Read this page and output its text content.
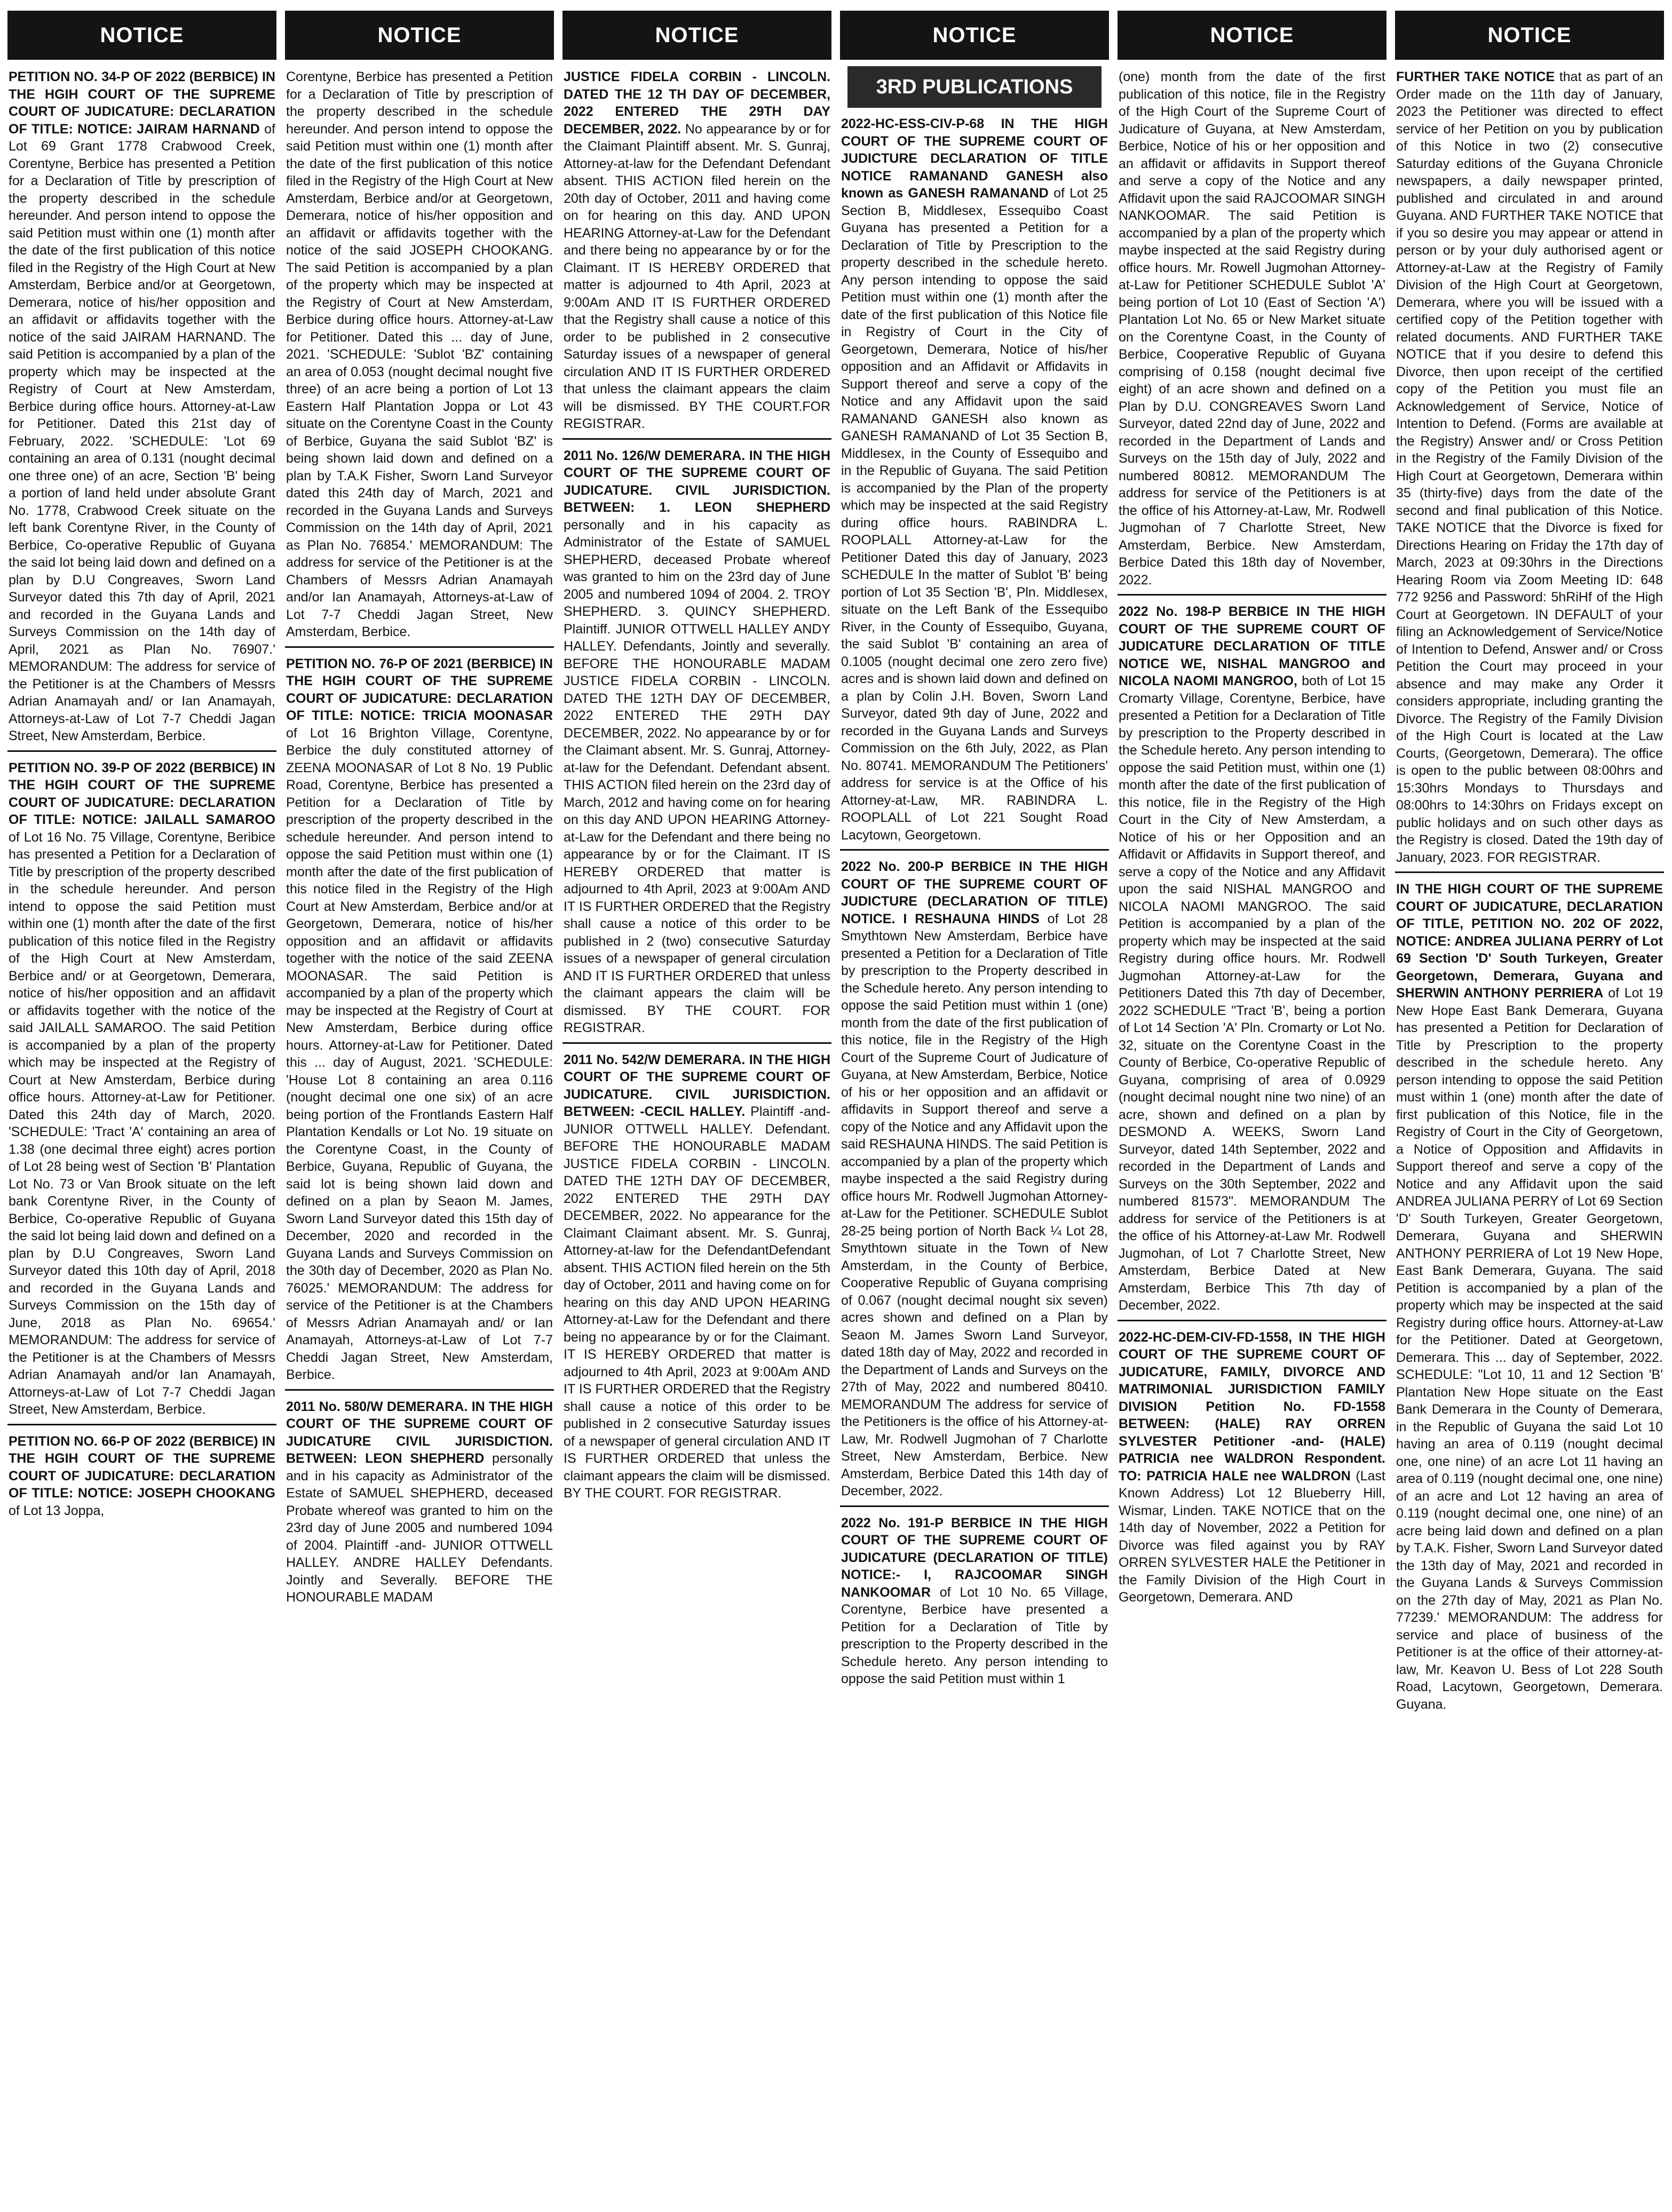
NOTICE
PETITION NO. 34-P OF 2022 (BERBICE) IN THE HGIH COURT OF THE SUPREME COURT OF JUDICATURE: DECLARATION OF TITLE: NOTICE: JAIRAM HARNAND of Lot 69 Grant 1778 Crabwood Creek, Corentyne, Berbice has presented a Petition for a Declaration of Title by prescription of the property described in the schedule hereunder. And person intend to oppose the said Petition must within one (1) month after the date of the first publication of this notice filed in the Registry of the High Court at New Amsterdam, Berbice and/or at Georgetown, Demerara, notice of his/her opposition and an affidavit or affidavits together with the notice of the said JAIRAM HARNAND. The said Petition is accompanied by a plan of the property which may be inspected at the Registry of Court at New Amsterdam, Berbice during office hours. Attorney-at-Law for Petitioner. Dated this 21st day of February, 2022. 'SCHEDULE: 'Lot 69 containing an area of 0.131 (nought decimal one three one) of an acre, Section 'B' being a portion of land held under absolute Grant No. 1778, Crabwood Creek situate on the left bank Corentyne River, in the County of Berbice, Co-operative Republic of Guyana the said lot being laid down and defined on a plan by D.U Congreaves, Sworn Land Surveyor dated this 7th day of April, 2021 and recorded in the Guyana Lands and Surveys Commission on the 14th day of April, 2021 as Plan No. 76907.' MEMORANDUM: The address for service of the Petitioner is at the Chambers of Messrs Adrian Anamayah and/ or Ian Anamayah, Attorneys-at-Law of Lot 7-7 Cheddi Jagan Street, New Amsterdam, Berbice.
PETITION NO. 39-P OF 2022 (BERBICE) IN THE HGIH COURT OF THE SUPREME COURT OF JUDICATURE: DECLARATION OF TITLE: NOTICE: JAILALL SAMAROO of Lot 16 No. 75 Village, Corentyne, Beribice has presented a Petition for a Declaration of Title by prescription of the property described in the schedule hereunder. And person intend to oppose the said Petition must within one (1) month after the date of the first publication of this notice filed in the Registry of the High Court at New Amsterdam, Berbice and/ or at Georgetown, Demerara, notice of his/her opposition and an affidavit or affidavits together with the notice of the said JAILALL SAMAROO. The said Petition is accompanied by a plan of the property which may be inspected at the Registry of Court at New Amsterdam, Berbice during office hours. Attorney-at-Law for Petitioner. Dated this 24th day of March, 2020. 'SCHEDULE: 'Tract 'A' containing an area of 1.38 (one decimal three eight) acres portion of Lot 28 being west of Section 'B' Plantation Lot No. 73 or Van Brook situate on the left bank Corentyne River, in the County of Berbice, Co-operative Republic of Guyana the said lot being laid down and defined on a plan by D.U Congreaves, Sworn Land Surveyor dated this 10th day of April, 2018 and recorded in the Guyana Lands and Surveys Commission on the 15th day of June, 2018 as Plan No. 69654.' MEMORANDUM: The address for service of the Petitioner is at the Chambers of Messrs Adrian Anamayah and/or Ian Anamayah, Attorneys-at-Law of Lot 7-7 Cheddi Jagan Street, New Amsterdam, Berbice.
PETITION NO. 66-P OF 2022 (BERBICE) IN THE HGIH COURT OF THE SUPREME COURT OF JUDICATURE: DECLARATION OF TITLE: NOTICE: JOSEPH CHOOKANG of Lot 13 Joppa,
NOTICE
Corentyne, Berbice has presented a Petition for a Declaration of Title by prescription of the property described in the schedule hereunder. And person intend to oppose the said Petition must within one (1) month after the date of the first publication of this notice filed in the Registry of the High Court at New Amsterdam, Berbice and/or at Georgetown, Demerara, notice of his/her opposition and an affidavit or affidavits together with the notice of the said JOSEPH CHOOKANG. The said Petition is accompanied by a plan of the property which may be inspected at the Registry of Court at New Amsterdam, Berbice during office hours. Attorney-at-Law for Petitioner. Dated this ... day of June, 2021. 'SCHEDULE: 'Sublot 'BZ' containing an area of 0.053 (nought decimal nought five three) of an acre being a portion of Lot 13 Eastern Half Plantation Joppa or Lot 43 situate on the Corentyne Coast in the County of Berbice, Guyana the said Sublot 'BZ' is being shown laid down and defined on a plan by T.A.K Fisher, Sworn Land Surveyor dated this 24th day of March, 2021 and recorded in the Guyana Lands and Surveys Commission on the 14th day of April, 2021 as Plan No. 76854.' MEMORANDUM: The address for service of the Petitioner is at the Chambers of Messrs Adrian Anamayah and/or Ian Anamayah, Attorneys-at-Law of Lot 7-7 Cheddi Jagan Street, New Amsterdam, Berbice.
PETITION NO. 76-P OF 2021 (BERBICE) IN THE HGIH COURT OF THE SUPREME COURT OF JUDICATURE: DECLARATION OF TITLE: NOTICE: TRICIA MOONASAR of Lot 16 Brighton Village, Corentyne, Berbice the duly constituted attorney of ZEENA MOONASAR of Lot 8 No. 19 Public Road, Corentyne, Berbice has presented a Petition for a Declaration of Title by prescription of the property described in the schedule hereunder. And person intend to oppose the said Petition must within one (1) month after the date of the first publication of this notice filed in the Registry of the High Court at New Amsterdam, Berbice and/or at Georgetown, Demerara, notice of his/her opposition and an affidavit or affidavits together with the notice of the said ZEENA MOONASAR. The said Petition is accompanied by a plan of the property which may be inspected at the Registry of Court at New Amsterdam, Berbice during office hours. Attorney-at-Law for Petitioner. Dated this ... day of August, 2021. 'SCHEDULE: 'House Lot 8 containing an area 0.116 (nought decimal one one six) of an acre being portion of the Frontlands Eastern Half Plantation Kendalls or Lot No. 19 situate on the Corentyne Coast, in the County of Berbice, Guyana, Republic of Guyana, the said lot is being shown laid down and defined on a plan by Seaon M. James, Sworn Land Surveyor dated this 15th day of December, 2020 and recorded in the Guyana Lands and Surveys Commission on the 30th day of December, 2020 as Plan No. 76025.' MEMORANDUM: The address for service of the Petitioner is at the Chambers of Messrs Adrian Anamayah and/ or Ian Anamayah, Attorneys-at-Law of Lot 7-7 Cheddi Jagan Street, New Amsterdam, Berbice.
2011 No. 580/W DEMERARA. IN THE HIGH COURT OF THE SUPREME COURT OF JUDICATURE CIVIL JURISDICTION. BETWEEN: LEON SHEPHERD personally and in his capacity as Administrator of the Estate of SAMUEL SHEPHERD, deceased Probate whereof was granted to him on the 23rd day of June 2005 and numbered 1094 of 2004. Plaintiff -and- JUNIOR OTTWELL HALLEY. ANDRE HALLEY Defendants. Jointly and Severally. BEFORE THE HONOURABLE MADAM
NOTICE
JUSTICE FIDELA CORBIN - LINCOLN. DATED THE 12 TH DAY OF DECEMBER, 2022 ENTERED THE 29TH DAY DECEMBER, 2022. No appearance by or for the Claimant Plaintiff absent. Mr. S. Gunraj, Attorney-at-law for the Defendant Defendant absent. THIS ACTION filed herein on the 20th day of October, 2011 and having come on for hearing on this day. AND UPON HEARING Attorney-at-Law for the Defendant and there being no appearance by or for the Claimant. IT IS HEREBY ORDERED that matter is adjourned to 4th April, 2023 at 9:00Am AND IT IS FURTHER ORDERED that the Registry shall cause a notice of this order to be published in 2 consecutive Saturday issues of a newspaper of general circulation AND IT IS FURTHER ORDERED that unless the claimant appears the claim will be dismissed. BY THE COURT.FOR REGISTRAR.
2011 No. 126/W DEMERARA. IN THE HIGH COURT OF THE SUPREME COURT OF JUDICATURE. CIVIL JURISDICTION. BETWEEN: 1. LEON SHEPHERD personally and in his capacity as Administrator of the Estate of SAMUEL SHEPHERD, deceased Probate whereof was granted to him on the 23rd day of June 2005 and numbered 1094 of 2004. 2. TROY SHEPHERD. 3. QUINCY SHEPHERD. Plaintiff. JUNIOR OTTWELL HALLEY ANDY HALLEY. Defendants, Jointly and severally. BEFORE THE HONOURABLE MADAM JUSTICE FIDELA CORBIN - LINCOLN. DATED THE 12TH DAY OF DECEMBER, 2022 ENTERED THE 29TH DAY DECEMBER, 2022. No appearance by or for the Claimant absent. Mr. S. Gunraj, Attorney-at-law for the Defendant. Defendant absent. THIS ACTION filed herein on the 23rd day of March, 2012 and having come on for hearing on this day AND UPON HEARING Attorney-at-Law for the Defendant and there being no appearance by or for the Claimant. IT IS HEREBY ORDERED that matter is adjourned to 4th April, 2023 at 9:00Am AND IT IS FURTHER ORDERED that the Registry shall cause a notice of this order to be published in 2 (two) consecutive Saturday issues of a newspaper of general circulation AND IT IS FURTHER ORDERED that unless the claimant appears the claim will be dismissed. BY THE COURT. FOR REGISTRAR.
2011 No. 542/W DEMERARA. IN THE HIGH COURT OF THE SUPREME COURT OF JUDICATURE. CIVIL JURISDICTION. BETWEEN: -CECIL HALLEY. Plaintiff -and- JUNIOR OTTWELL HALLEY. Defendant. BEFORE THE HONOURABLE MADAM JUSTICE FIDELA CORBIN - LINCOLN. DATED THE 12TH DAY OF DECEMBER, 2022 ENTERED THE 29TH DAY DECEMBER, 2022. No appearance for the Claimant Claimant absent. Mr. S. Gunraj, Attorney-at-law for the DefendantDefendant absent. THIS ACTION filed herein on the 5th day of October, 2011 and having come on for hearing on this day AND UPON HEARING Attorney-at-Law for the Defendant and there being no appearance by or for the Claimant. IT IS HEREBY ORDERED that matter is adjourned to 4th April, 2023 at 9:00Am AND IT IS FURTHER ORDERED that the Registry shall cause a notice of this order to be published in 2 consecutive Saturday issues of a newspaper of general circulation AND IT IS FURTHER ORDERED that unless the claimant appears the claim will be dismissed. BY THE COURT. FOR REGISTRAR.
NOTICE
3RD PUBLICATIONS
2022-HC-ESS-CIV-P-68 IN THE HIGH COURT OF THE SUPREME COURT OF JUDICTURE DECLARATION OF TITLE NOTICE RAMANAND GANESH also known as GANESH RAMANAND of Lot 25 Section B, Middlesex, Essequibo Coast Guyana has presented a Petition for a Declaration of Title by Prescription to the property described in the schedule hereto. Any person intending to oppose the said Petition must within one (1) month after the date of the first publication of this Notice file in Registry of Court in the City of Georgetown, Demerara, Notice of his/her opposition and an Affidavit or Affidavits in Support thereof and serve a copy of the Notice and any Affidavit upon the said RAMANAND GANESH also known as GANESH RAMANAND of Lot 35 Section B, Middlesex, in the County of Essequibo and in the Republic of Guyana. The said Petition is accompanied by the Plan of the property which may be inspected at the said Registry during office hours. RABINDRA L. ROOPLALL Attorney-at-Law for the Petitioner Dated this day of January, 2023 SCHEDULE In the matter of Sublot 'B' being portion of Lot 35 Section 'B', Pln. Middlesex, situate on the Left Bank of the Essequibo River, in the County of Essequibo, Guyana, the said Sublot 'B' containing an area of 0.1005 (nought decimal one zero zero five) acres and is shown laid down and defined on a plan by Colin J.H. Boven, Sworn Land Surveyor, dated 9th day of June, 2022 and recorded in the Guyana Lands and Surveys Commission on the 6th July, 2022, as Plan No. 80741. MEMORANDUM The Petitioners' address for service is at the Office of his Attorney-at-Law, MR. RABINDRA L. ROOPLALL of Lot 221 Sought Road Lacytown, Georgetown.
2022 No. 200-P BERBICE IN THE HIGH COURT OF THE SUPREME COURT OF JUDICTURE (DECLARATION OF TITLE) NOTICE. I RESHAUNA HINDS of Lot 28 Smythtown New Amsterdam, Berbice have presented a Petition for a Declaration of Title by prescription to the Property described in the Schedule hereto. Any person intending to oppose the said Petition must within 1 (one) month from the date of the first publication of this notice, file in the Registry of the High Court of the Supreme Court of Judicature of Guyana, at New Amsterdam, Berbice, Notice of his or her opposition and an affidavit or affidavits in Support thereof and serve a copy of the Notice and any Affidavit upon the said RESHAUNA HINDS. The said Petition is accompanied by a plan of the property which maybe inspected a the said Registry during office hours Mr. Rodwell Jugmohan Attorney-at-Law for the Petitioner. SCHEDULE Sublot 28-25 being portion of North Back ¼ Lot 28, Smythtown situate in the Town of New Amsterdam, in the County of Berbice, Cooperative Republic of Guyana comprising of 0.067 (nought decimal nought six seven) acres shown and defined on a Plan by Seaon M. James Sworn Land Surveyor, dated 18th day of May, 2022 and recorded in the Department of Lands and Surveys on the 27th of May, 2022 and numbered 80410. MEMORANDUM The address for service of the Petitioners is the office of his Attorney-at-Law, Mr. Rodwell Jugmohan of 7 Charlotte Street, New Amsterdam, Berbice. New Amsterdam, Berbice Dated this 14th day of December, 2022.
2022 No. 191-P BERBICE IN THE HIGH COURT OF THE SUPREME COURT OF JUDICATURE (DECLARATION OF TITLE) NOTICE:- I, RAJCOOMAR SINGH NANKOOMAR of Lot 10 No. 65 Village, Corentyne, Berbice have presented a Petition for a Declaration of Title by prescription to the Property described in the Schedule hereto. Any person intending to oppose the said Petition must within 1
NOTICE
(one) month from the date of the first publication of this notice, file in the Registry of the High Court of the Supreme Court of Judicature of Guyana, at New Amsterdam, Berbice, Notice of his or her opposition and an affidavit or affidavits in Support thereof and serve a copy of the Notice and any Affidavit upon the said RAJCOOMAR SINGH NANKOOMAR. The said Petition is accompanied by a plan of the property which maybe inspected at the said Registry during office hours. Mr. Rowell Jugmohan Attorney-at-Law for Petitioner SCHEDULE Sublot 'A' being portion of Lot 10 (East of Section 'A') Plantation Lot No. 65 or New Market situate on the Corentyne Coast, in the County of Berbice, Cooperative Republic of Guyana comprising of 0.158 (nought decimal five eight) of an acre shown and defined on a Plan by D.U. CONGREAVES Sworn Land Surveyor, dated 22nd day of June, 2022 and recorded in the Department of Lands and Surveys on the 15th day of July, 2022 and numbered 80812. MEMORANDUM The address for service of the Petitioners is at the office of his Attorney-at-Law, Mr. Rodwell Jugmohan of 7 Charlotte Street, New Amsterdam, Berbice. New Amsterdam, Berbice Dated this 18th day of November, 2022.
2022 No. 198-P BERBICE IN THE HIGH COURT OF THE SUPREME COURT OF JUDICATURE DECLARATION OF TITLE NOTICE WE, NISHAL MANGROO and NICOLA NAOMI MANGROO, both of Lot 15 Cromarty Village, Corentyne, Berbice, have presented a Petition for a Declaration of Title by prescription to the Property described in the Schedule hereto. Any person intending to oppose the said Petition must, within one (1) month after the date of the first publication of this notice, file in the Registry of the High Court in the City of New Amsterdam, a Notice of his or her Opposition and an Affidavit or Affidavits in Support thereof, and serve a copy of the Notice and any Affidavit upon the said NISHAL MANGROO and NICOLA NAOMI MANGROO. The said Petition is accompanied by a plan of the property which may be inspected at the said Registry during office hours. Mr. Rodwell Jugmohan Attorney-at-Law for the Petitioners Dated this 7th day of December, 2022 SCHEDULE "Tract 'B', being a portion of Lot 14 Section 'A' Pln. Cromarty or Lot No. 32, situate on the Corentyne Coast in the County of Berbice, Co-operative Republic of Guyana, comprising of area of 0.0929 (nought decimal nought nine two nine) of an acre, shown and defined on a plan by DESMOND A. WEEKS, Sworn Land Surveyor, dated 14th September, 2022 and recorded in the Department of Lands and Surveys on the 30th September, 2022 and numbered 81573". MEMORANDUM The address for service of the Petitioners is at the office of his Attorney-at-Law Mr. Rodwell Jugmohan, of Lot 7 Charlotte Street, New Amsterdam, Berbice Dated at New Amsterdam, Berbice This 7th day of December, 2022.
2022-HC-DEM-CIV-FD-1558, IN THE HIGH COURT OF THE SUPREME COURT OF JUDICATURE, FAMILY, DIVORCE AND MATRIMONIAL JURISDICTION FAMILY DIVISION Petition No. FD-1558 BETWEEN: (HALE) RAY ORREN SYLVESTER Petitioner -and- (HALE) PATRICIA nee WALDRON Respondent. TO: PATRICIA HALE nee WALDRON (Last Known Address) Lot 12 Blueberry Hill, Wismar, Linden. TAKE NOTICE that on the 14th day of November, 2022 a Petition for Divorce was filed against you by RAY ORREN SYLVESTER HALE the Petitioner in the Family Division of the High Court in Georgetown, Demerara. AND
NOTICE
FURTHER TAKE NOTICE that as part of an Order made on the 11th day of January, 2023 the Petitioner was directed to effect service of her Petition on you by publication of this Notice in two (2) consecutive Saturday editions of the Guyana Chronicle newspapers, a daily newspaper printed, published and circulated in and around Guyana. AND FURTHER TAKE NOTICE that if you so desire you may appear or attend in person or by your duly authorised agent or Attorney-at-Law at the Registry of Family Division of the High Court at Georgetown, Demerara, where you will be issued with a certified copy of the Petition together with related documents. AND FURTHER TAKE NOTICE that if you desire to defend this Divorce, then upon receipt of the certified copy of the Petition you must file an Acknowledgement of Service, Notice of Intention to Defend. (Forms are available at the Registry) Answer and/ or Cross Petition in the Registry of the Family Division of the High Court at Georgetown, Demerara within 35 (thirty-five) days from the date of the second and final publication of this Notice. TAKE NOTICE that the Divorce is fixed for Directions Hearing on Friday the 17th day of March, 2023 at 09:30hrs in the Directions Hearing Room via Zoom Meeting ID: 648 772 9256 and Password: 5hRiHf of the High Court at Georgetown. IN DEFAULT of your filing an Acknowledgement of Service/Notice of Intention to Defend, Answer and/ or Cross Petition the Court may proceed in your absence and may make any Order it considers appropriate, including granting the Divorce. The Registry of the Family Division of the High Court is located at the Law Courts, (Georgetown, Demerara). The office is open to the public between 08:00hrs and 15:30hrs Mondays to Thursdays and 08:00hrs to 14:30hrs on Fridays except on public holidays and on such other days as the Registry is closed. Dated the 19th day of January, 2023. FOR REGISTRAR.
IN THE HIGH COURT OF THE SUPREME COURT OF JUDICATURE, DECLARATION OF TITLE, PETITION NO. 202 OF 2022, NOTICE: ANDREA JULIANA PERRY of Lot 69 Section 'D' South Turkeyen, Greater Georgetown, Demerara, Guyana and SHERWIN ANTHONY PERRIERA of Lot 19 New Hope East Bank Demerara, Guyana has presented a Petition for Declaration of Title by Prescription to the property described in the schedule hereto. Any person intending to oppose the said Petition must within 1 (one) month after the date of first publication of this Notice, file in the Registry of Court in the City of Georgetown, a Notice of Opposition and Affidavits in Support thereof and serve a copy of the Notice and any Affidavit upon the said ANDREA JULIANA PERRY of Lot 69 Section 'D' South Turkeyen, Greater Georgetown, Demerara, Guyana and SHERWIN ANTHONY PERRIERA of Lot 19 New Hope, East Bank Demerara, Guyana. The said Petition is accompanied by a plan of the property which may be inspected at the said Registry during office hours. Attorney-at-Law for the Petitioner. Dated at Georgetown, Demerara. This ... day of September, 2022. SCHEDULE: "Lot 10, 11 and 12 Section 'B' Plantation New Hope situate on the East Bank Demerara in the County of Demerara, in the Republic of Guyana the said Lot 10 having an area of 0.119 (nought decimal one, one nine) of an acre Lot 11 having an area of 0.119 (nought decimal one, one nine) of an acre and Lot 12 having an area of 0.119 (nought decimal one, one nine) of an acre being laid down and defined on a plan by T.A.K. Fisher, Sworn Land Surveyor dated the 13th day of May, 2021 and recorded in the Guyana Lands & Surveys Commission on the 27th day of May, 2021 as Plan No. 77239.' MEMORANDUM: The address for service and place of business of the Petitioner is at the office of their attorney-at-law, Mr. Keavon U. Bess of Lot 228 South Road, Lacytown, Georgetown, Demerara. Guyana.
